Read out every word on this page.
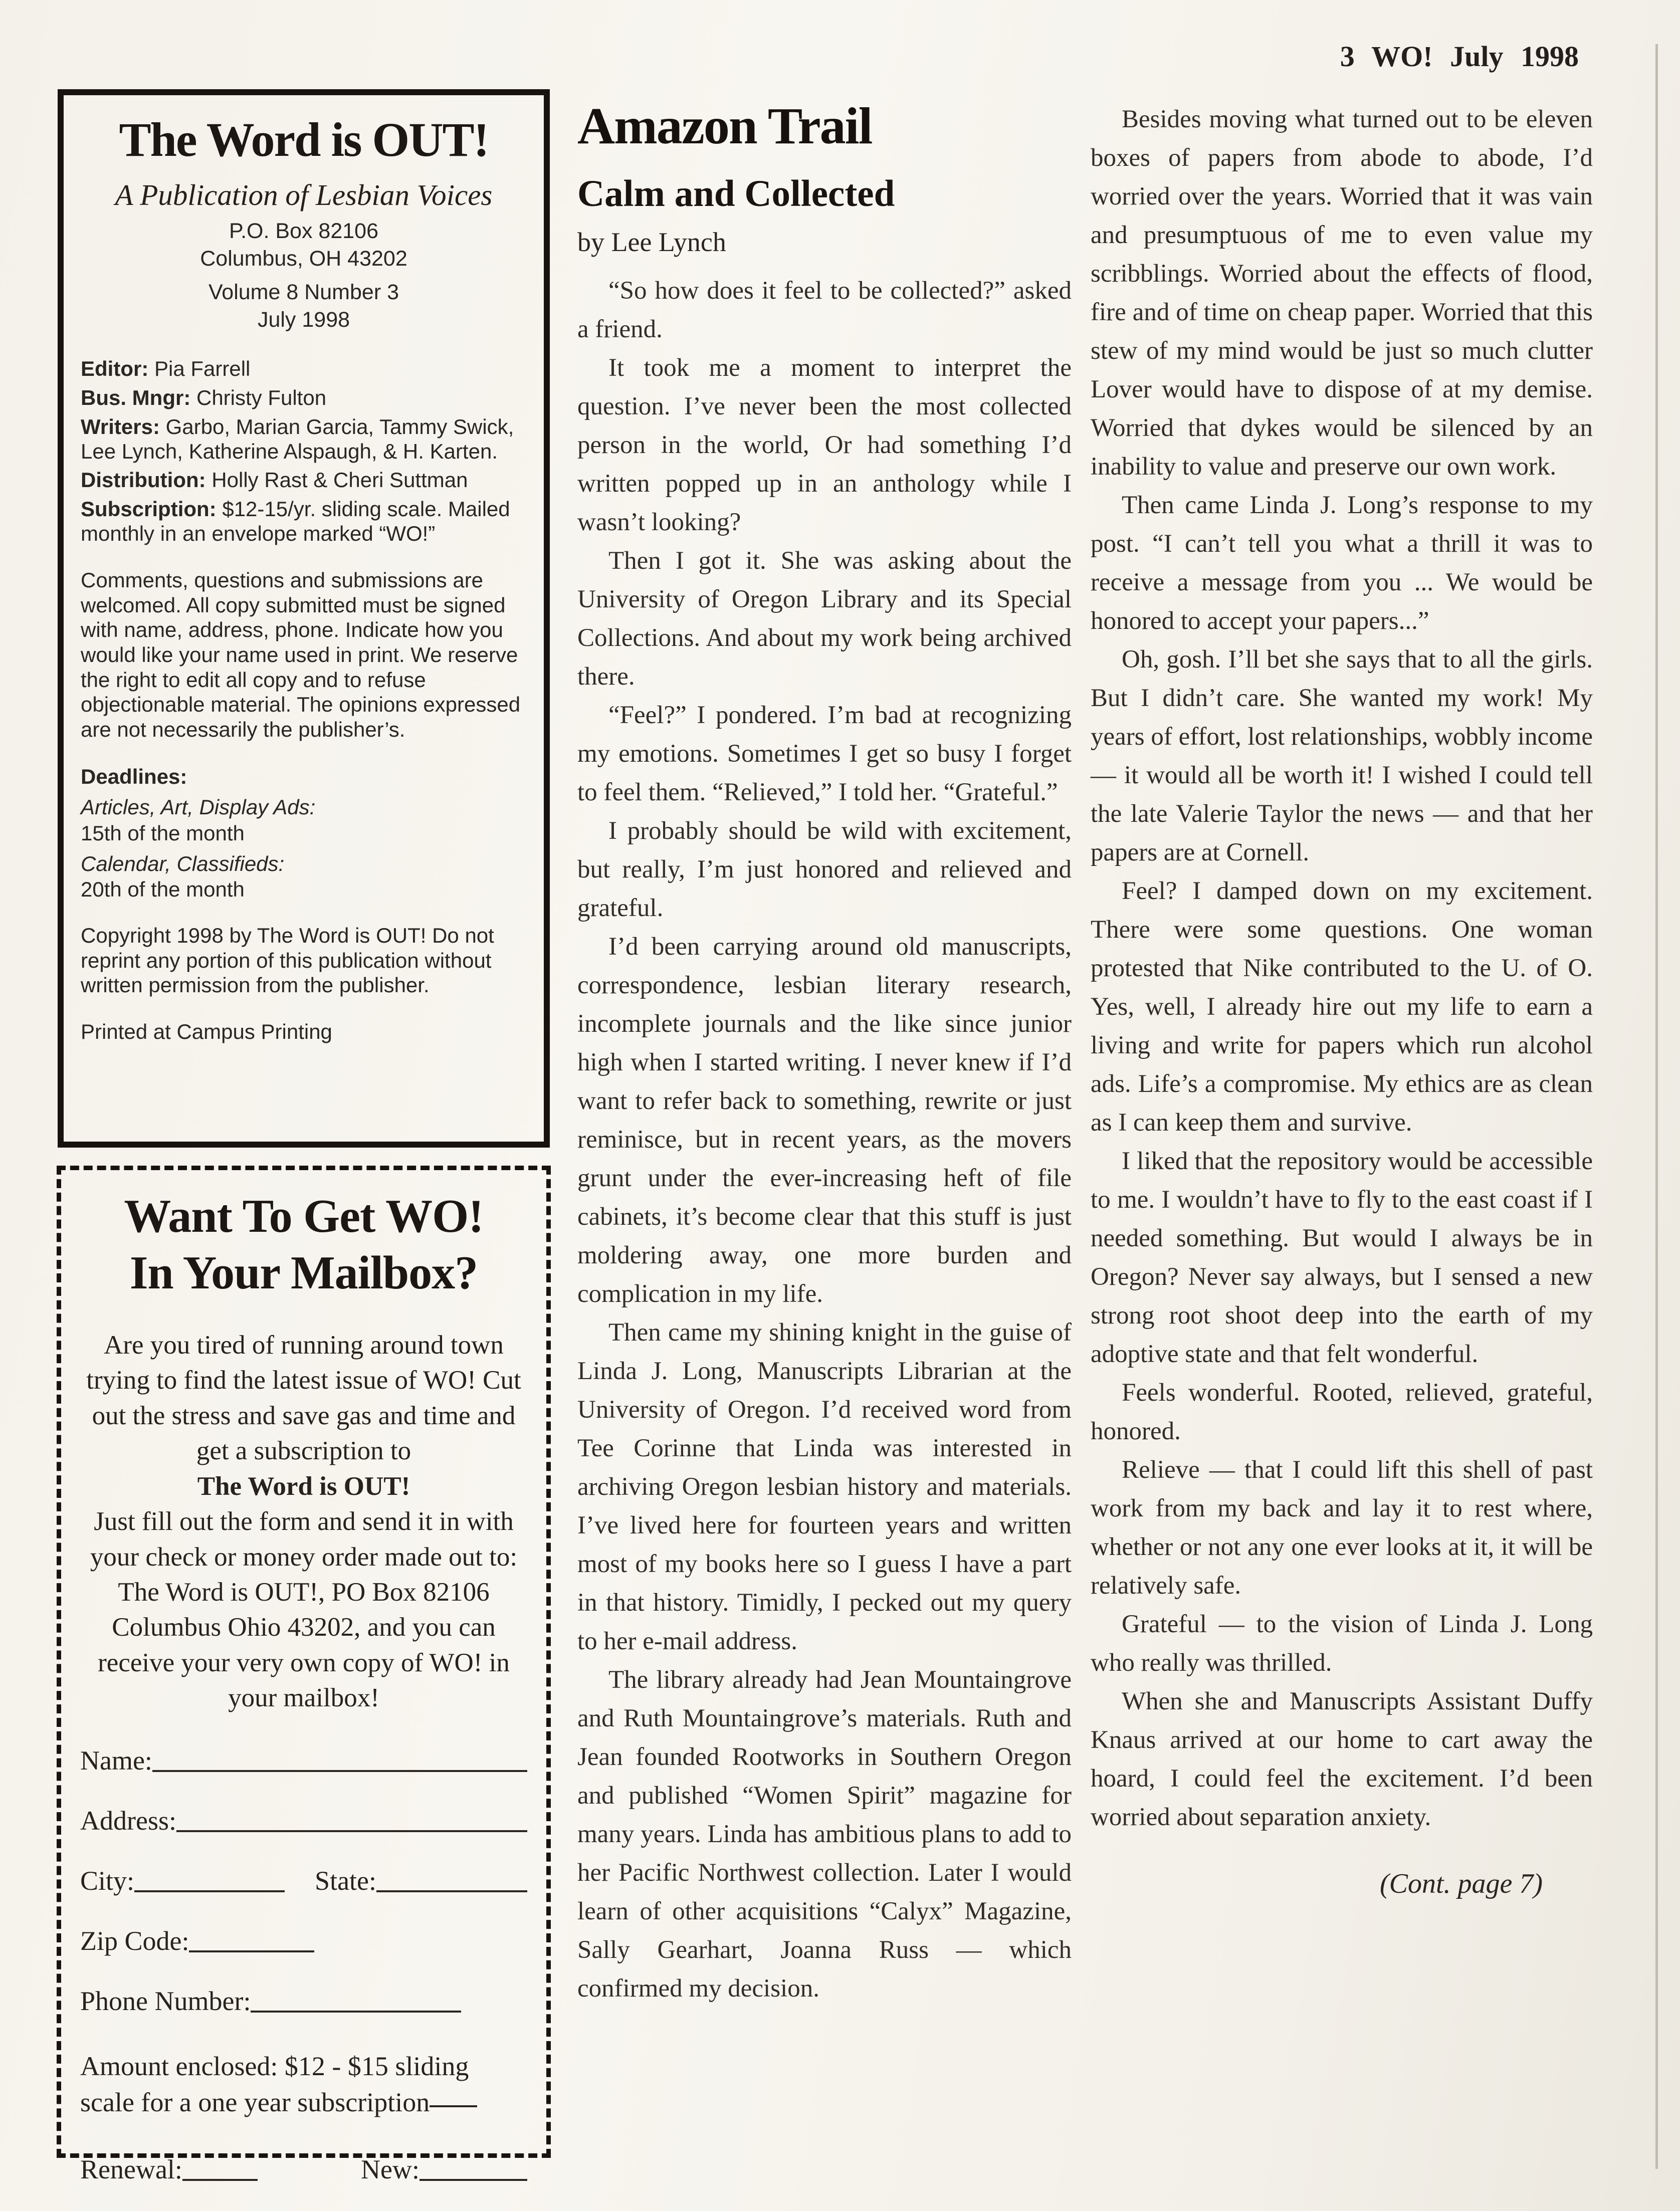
3 WO! July 1998
The Word is OUT!
A Publication of Lesbian Voices
P.O. Box 82106
Columbus, OH 43202
Volume 8 Number 3
July 1998
Editor: Pia Farrell
Bus. Mngr: Christy Fulton
Writers: Garbo, Marian Garcia, Tammy Swick, Lee Lynch, Katherine Alspaugh, & H. Karten.
Distribution: Holly Rast & Cheri Suttman
Subscription: $12-15/yr. sliding scale. Mailed monthly in an envelope marked “WO!”

Comments, questions and submissions are welcomed. All copy submitted must be signed with name, address, phone. Indicate how you would like your name used in print. We reserve the right to edit all copy and to refuse objectionable material. The opinions expressed are not necessarily the publisher’s.

Deadlines:
Articles, Art, Display Ads:
15th of the month
Calendar, Classifieds:
20th of the month

Copyright 1998 by The Word is OUT! Do not reprint any portion of this publication without written permission from the publisher.

Printed at Campus Printing

Want To Get WO!
In Your Mailbox?

Are you tired of running around town trying to find the latest issue of WO! Cut out the stress and save gas and time and get a subscription to
The Word is OUT!
Just fill out the form and send it in with your check or money order made out to: The Word is OUT!, PO Box 82106 Columbus Ohio 43202, and you can receive your very own copy of WO! in your mailbox!

Name:
Address:
City:	State:
Zip Code:
Phone Number:

Amount enclosed: $12 - $15 sliding scale for a one year subscription

Renewal:	New:
Amazon Trail
Calm and Collected
by Lee Lynch

“So how does it feel to be collected?” asked a friend.

It took me a moment to interpret the question. I’ve never been the most collected person in the world, Or had something I’d written popped up in an anthology while I wasn’t looking?

Then I got it. She was asking about the University of Oregon Library and its Special Collections. And about my work being archived there.

“Feel?” I pondered. I’m bad at recognizing my emotions. Sometimes I get so busy I forget to feel them. “Relieved,” I told her. “Grateful.”

I probably should be wild with excitement, but really, I’m just honored and relieved and grateful.

I’d been carrying around old manuscripts, correspondence, lesbian literary research, incomplete journals and the like since junior high when I started writing. I never knew if I’d want to refer back to something, rewrite or just reminisce, but in recent years, as the movers grunt under the ever-increasing heft of file cabinets, it’s become clear that this stuff is just moldering away, one more burden and complication in my life.

Then came my shining knight in the guise of Linda J. Long, Manuscripts Librarian at the University of Oregon. I’d received word from Tee Corinne that Linda was interested in archiving Oregon lesbian history and materials. I’ve lived here for fourteen years and written most of my books here so I guess I have a part in that history. Timidly, I pecked out my query to her e-mail address.

The library already had Jean Mountaingrove and Ruth Mountaingrove’s materials. Ruth and Jean founded Rootworks in Southern Oregon and published “Women Spirit” magazine for many years. Linda has ambitious plans to add to her Pacific Northwest collection. Later I would learn of other acquisitions “Calyx” Magazine, Sally Gearhart, Joanna Russ — which confirmed my decision.

Besides moving what turned out to be eleven boxes of papers from abode to abode, I’d worried over the years. Worried that it was vain and presumptuous of me to even value my scribblings. Worried about the effects of flood, fire and of time on cheap paper. Worried that this stew of my mind would be just so much clutter Lover would have to dispose of at my demise. Worried that dykes would be silenced by an inability to value and preserve our own work.

Then came Linda J. Long’s response to my post. “I can’t tell you what a thrill it was to receive a message from you ... We would be honored to accept your papers...”

Oh, gosh. I’ll bet she says that to all the girls. But I didn’t care. She wanted my work! My years of effort, lost relationships, wobbly income — it would all be worth it! I wished I could tell the late Valerie Taylor the news — and that her papers are at Cornell.

Feel? I damped down on my excitement. There were some questions. One woman protested that Nike contributed to the U. of O. Yes, well, I already hire out my life to earn a living and write for papers which run alcohol ads. Life’s a compromise. My ethics are as clean as I can keep them and survive.

I liked that the repository would be accessible to me. I wouldn’t have to fly to the east coast if I needed something. But would I always be in Oregon? Never say always, but I sensed a new strong root shoot deep into the earth of my adoptive state and that felt wonderful.

Feels wonderful. Rooted, relieved, grateful, honored.

Relieve — that I could lift this shell of past work from my back and lay it to rest where, whether or not any one ever looks at it, it will be relatively safe.

Grateful — to the vision of Linda J. Long who really was thrilled.

When she and Manuscripts Assistant Duffy Knaus arrived at our home to cart away the hoard, I could feel the excitement. I’d been worried about separation anxiety.

(Cont. page 7)
